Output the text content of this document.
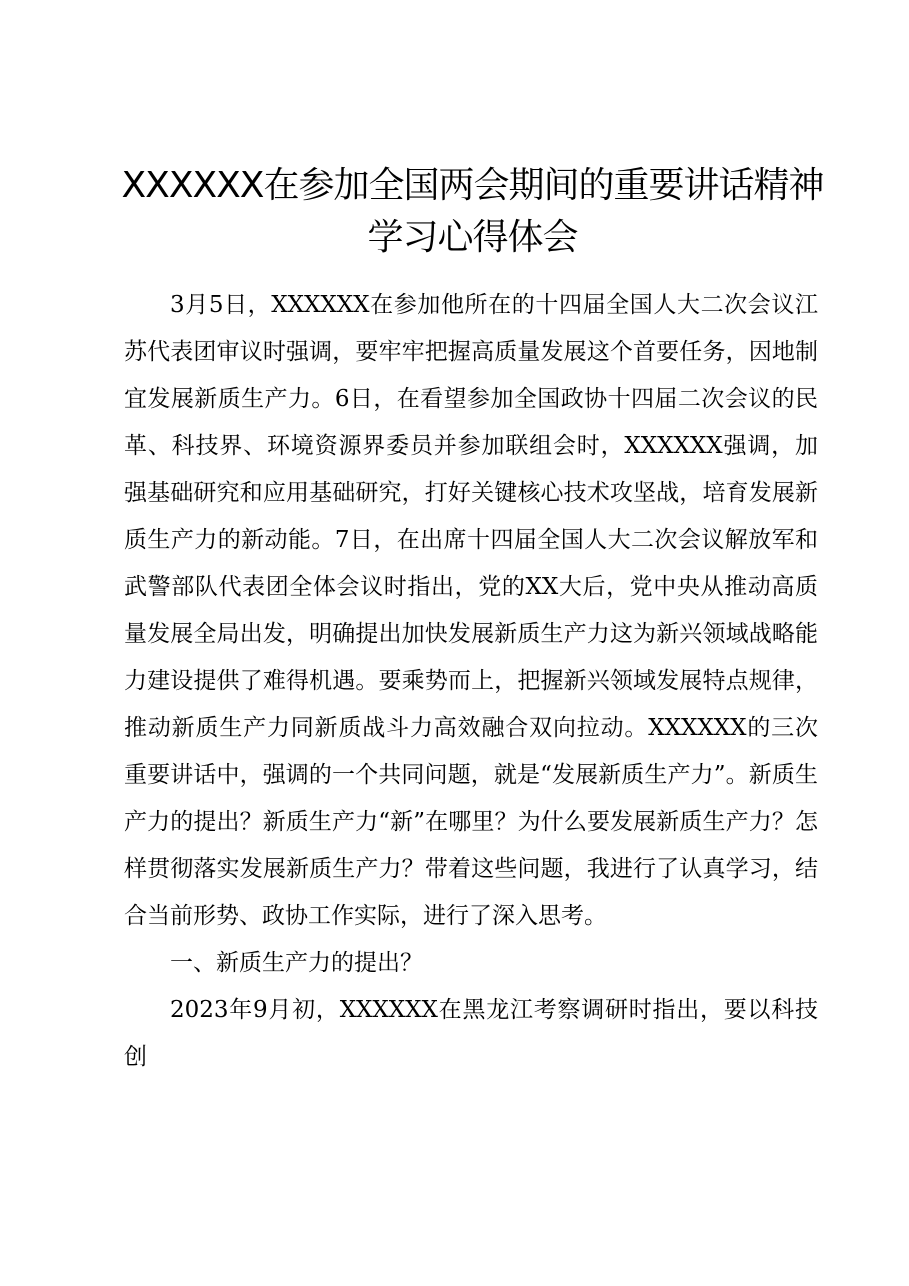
XXXXXX在参加全国两会期间的重要讲话精神学习心得体会

3月5日，XXXXXX在参加他所在的十四届全国人大二次会议江苏代表团审议时强调，要牢牢把握高质量发展这个首要任务，因地制宜发展新质生产力。6日，在看望参加全国政协十四届二次会议的民革、科技界、环境资源界委员并参加联组会时，XXXXXX强调，加强基础研究和应用基础研究，打好关键核心技术攻坚战，培育发展新质生产力的新动能。7日，在出席十四届全国人大二次会议解放军和武警部队代表团全体会议时指出，党的XX大后，党中央从推动高质量发展全局出发，明确提出加快发展新质生产力这为新兴领域战略能力建设提供了难得机遇。要乘势而上，把握新兴领域发展特点规律，推动新质生产力同新质战斗力高效融合双向拉动。XXXXXX的三次重要讲话中，强调的一个共同问题，就是“发展新质生产力”。新质生产力的提出？新质生产力“新”在哪里？为什么要发展新质生产力？怎样贯彻落实发展新质生产力？带着这些问题，我进行了认真学习，结合当前形势、政协工作实际，进行了深入思考。

一、新质生产力的提出？

2023年9月初，XXXXXX在黑龙江考察调研时指出，要以科技创
